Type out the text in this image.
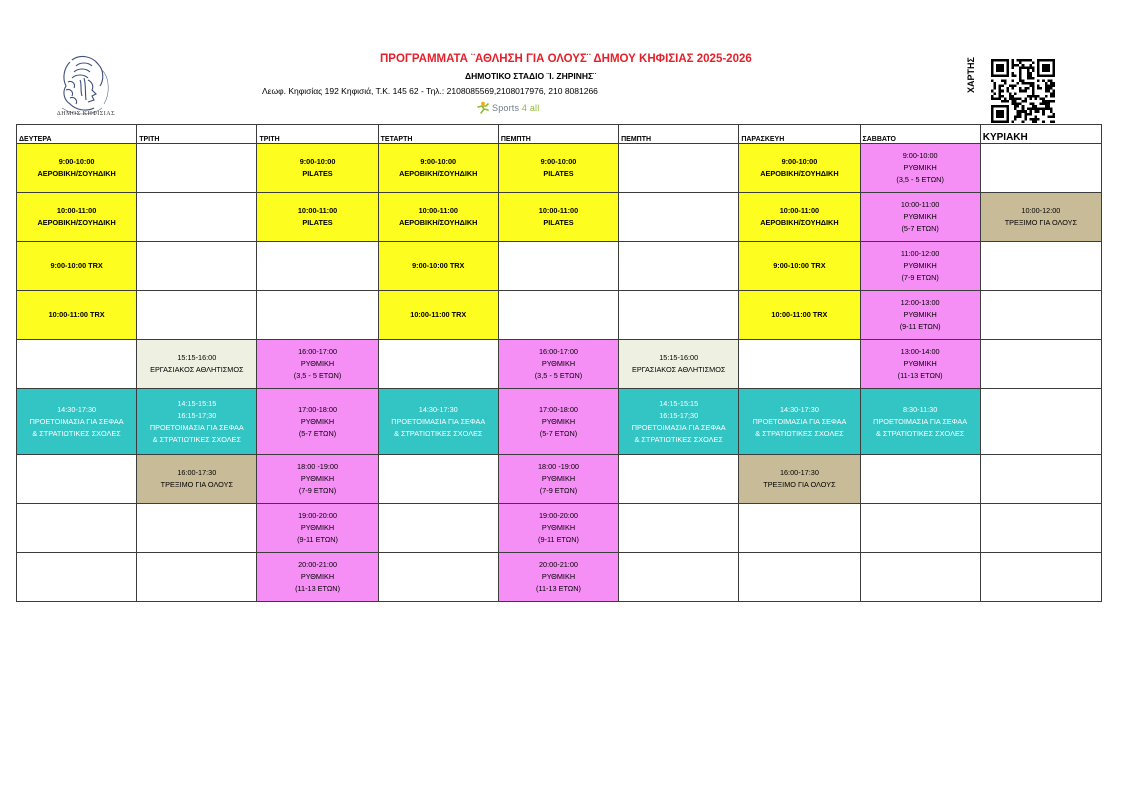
ΔΗΜΟΣ ΚΗΦΙΣΙΑΣ
ΠΡΟΓΡΑΜΜΑΤΑ ¨ΑΘΛΗΣΗ ΓΙΑ ΟΛΟΥΣ¨ ΔΗΜΟΥ ΚΗΦΙΣΙΑΣ 2025-2026
ΔΗΜΟΤΙΚΟ ΣΤΑΔΙΟ ¨Ι. ΖΗΡΙΝΗΣ¨
Λεωφ. Κηφισίας 192 Κηφισιά, Τ.Κ. 145 62 - Τηλ.: 2108085569,2108017976, 210 8081266
Sports 4 all
ΧΑΡΤΗΣ
ΔΕΥΤΕΡΑ	ΤΡΙΤΗ	ΤΡΙΤΗ	ΤΕΤΑΡΤΗ	ΠΕΜΠΤΗ	ΠΕΜΠΤΗ	ΠΑΡΑΣΚΕΥΗ	ΣΑΒΒΑΤΟ	ΚΥΡΙΑΚΗ

9:00-10:00
ΑΕΡΟΒΙΚΗ/ΣΟΥΗΔΙΚΗ		9:00-10:00
PILATES	9:00-10:00
ΑΕΡΟΒΙΚΗ/ΣΟΥΗΔΙΚΗ	9:00-10:00
PILATES		9:00-10:00
ΑΕΡΟΒΙΚΗ/ΣΟΥΗΔΙΚΗ	9:00-10:00
ΡΥΘΜΙΚΗ
(3,5 - 5 ΕΤΩΝ)	

10:00-11:00
ΑΕΡΟΒΙΚΗ/ΣΟΥΗΔΙΚΗ		10:00-11:00
PILATES	10:00-11:00
ΑΕΡΟΒΙΚΗ/ΣΟΥΗΔΙΚΗ	10:00-11:00
PILATES		10:00-11:00
ΑΕΡΟΒΙΚΗ/ΣΟΥΗΔΙΚΗ	10:00-11:00
ΡΥΘΜΙΚΗ
(5-7 ΕΤΩΝ)	10:00-12:00
ΤΡΕΞΙΜΟ ΓΙΑ ΟΛΟΥΣ

9:00-10:00 TRX			9:00-10:00 TRX			9:00-10:00 TRX	11:00-12:00
ΡΥΘΜΙΚΗ
(7-9 ΕΤΩΝ)	

10:00-11:00 TRX			10:00-11:00 TRX			10:00-11:00 TRX	12:00-13:00
ΡΥΘΜΙΚΗ
(9-11 ΕΤΩΝ)	

	15:15-16:00
ΕΡΓΑΣΙΑΚΟΣ ΑΘΛΗΤΙΣΜΟΣ	16:00-17:00
ΡΥΘΜΙΚΗ
(3,5 - 5 ΕΤΩΝ)		16:00-17:00
ΡΥΘΜΙΚΗ
(3,5 - 5 ΕΤΩΝ)	15:15-16:00
ΕΡΓΑΣΙΑΚΟΣ ΑΘΛΗΤΙΣΜΟΣ		13:00-14:00
ΡΥΘΜΙΚΗ
(11-13 ΕΤΩΝ)	

14:30-17:30
ΠΡΟΕΤΟΙΜΑΣΙΑ ΓΙΑ ΣΕΦΑΑ
& ΣΤΡΑΤΙΩΤΙΚΕΣ ΣΧΟΛΕΣ	14:15-15:15
16:15-17;30
ΠΡΟΕΤΟΙΜΑΣΙΑ ΓΙΑ ΣΕΦΑΑ
& ΣΤΡΑΤΙΩΤΙΚΕΣ ΣΧΟΛΕΣ	17:00-18:00
ΡΥΘΜΙΚΗ
(5-7 ΕΤΩΝ)	14:30-17:30
ΠΡΟΕΤΟΙΜΑΣΙΑ ΓΙΑ ΣΕΦΑΑ
& ΣΤΡΑΤΙΩΤΙΚΕΣ ΣΧΟΛΕΣ	17:00-18:00
ΡΥΘΜΙΚΗ
(5-7 ΕΤΩΝ)	14:15-15:15
16:15-17;30
ΠΡΟΕΤΟΙΜΑΣΙΑ ΓΙΑ ΣΕΦΑΑ
& ΣΤΡΑΤΙΩΤΙΚΕΣ ΣΧΟΛΕΣ	14:30-17:30
ΠΡΟΕΤΟΙΜΑΣΙΑ ΓΙΑ ΣΕΦΑΑ
& ΣΤΡΑΤΙΩΤΙΚΕΣ ΣΧΟΛΕΣ	8:30-11:30
ΠΡΟΕΤΟΙΜΑΣΙΑ ΓΙΑ ΣΕΦΑΑ
& ΣΤΡΑΤΙΩΤΙΚΕΣ ΣΧΟΛΕΣ	

	16:00-17:30
ΤΡΕΞΙΜΟ ΓΙΑ ΟΛΟΥΣ	18:00 -19:00
ΡΥΘΜΙΚΗ
(7-9 ΕΤΩΝ)		18:00 -19:00
ΡΥΘΜΙΚΗ
(7-9 ΕΤΩΝ)		16:00-17:30
ΤΡΕΞΙΜΟ ΓΙΑ ΟΛΟΥΣ		

		19:00-20:00
ΡΥΘΜΙΚΗ
(9-11 ΕΤΩΝ)		19:00-20:00
ΡΥΘΜΙΚΗ
(9-11 ΕΤΩΝ)				

		20:00-21:00
ΡΥΘΜΙΚΗ
(11-13 ΕΤΩΝ)		20:00-21:00
ΡΥΘΜΙΚΗ
(11-13 ΕΤΩΝ)				
